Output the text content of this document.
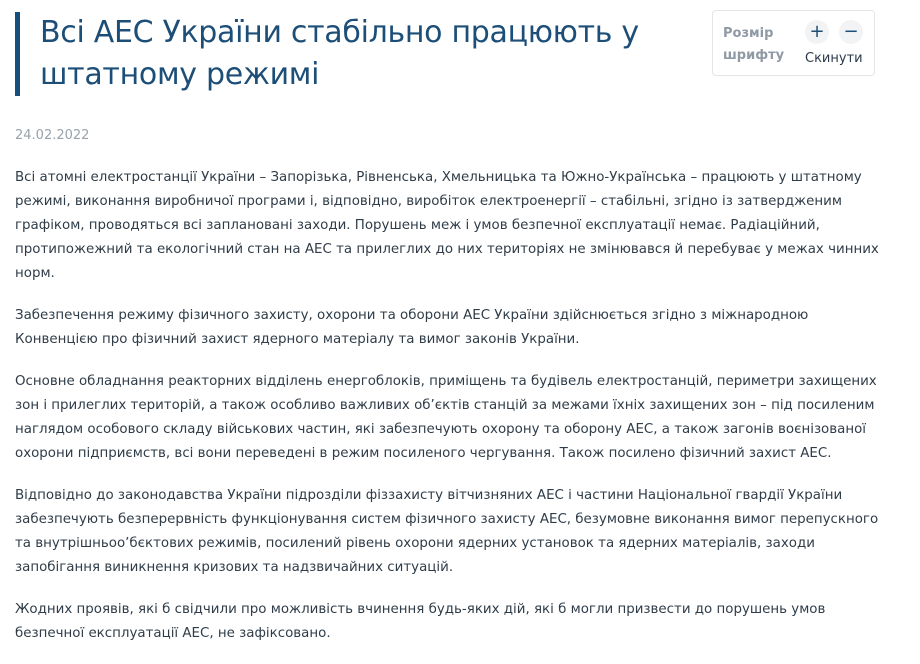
Всі АЕС України стабільно працюють у штатному режимі
Розмір шрифту
+ −
Скинути
24.02.2022

Всі атомні електростанції України – Запорізька, Рівненська, Хмельницька та Южно-Українська – працюють у штатному режимі, виконання виробничої програми і, відповідно, виробіток електроенергії – стабільні, згідно із затвердженим графіком, проводяться всі заплановані заходи. Порушень меж і умов безпечної експлуатації немає. Радіаційний, протипожежний та екологічний стан на АЕС та прилеглих до них територіях не змінювався й перебуває у межах чинних норм.

Забезпечення режиму фізичного захисту, охорони та оборони АЕС України здійснюється згідно з міжнародною Конвенцією про фізичний захист ядерного матеріалу та вимог законів України.

Основне обладнання реакторних відділень енергоблоків, приміщень та будівель електростанцій, периметри захищених зон і прилеглих територій, а також особливо важливих об’єктів станцій за межами їхніх захищених зон – під посиленим наглядом особового складу військових частин, які забезпечують охорону та оборону АЕС, а також загонів воєнізованої охорони підприємств, всі вони переведені в режим посиленого чергування. Також посилено фізичний захист АЕС.

Відповідно до законодавства України підрозділи фіззахисту вітчизняних АЕС і частини Національної гвардії України забезпечують безперервність функціонування систем фізичного захисту АЕС, безумовне виконання вимог перепускного та внутрішньоо’бєктових режимів, посилений рівень охорони ядерних установок та ядерних матеріалів, заходи запобігання виникнення кризових та надзвичайних ситуацій.

Жодних проявів, які б свідчили про можливість вчинення будь-яких дій, які б могли призвести до порушень умов безпечної експлуатації АЕС, не зафіксовано.
